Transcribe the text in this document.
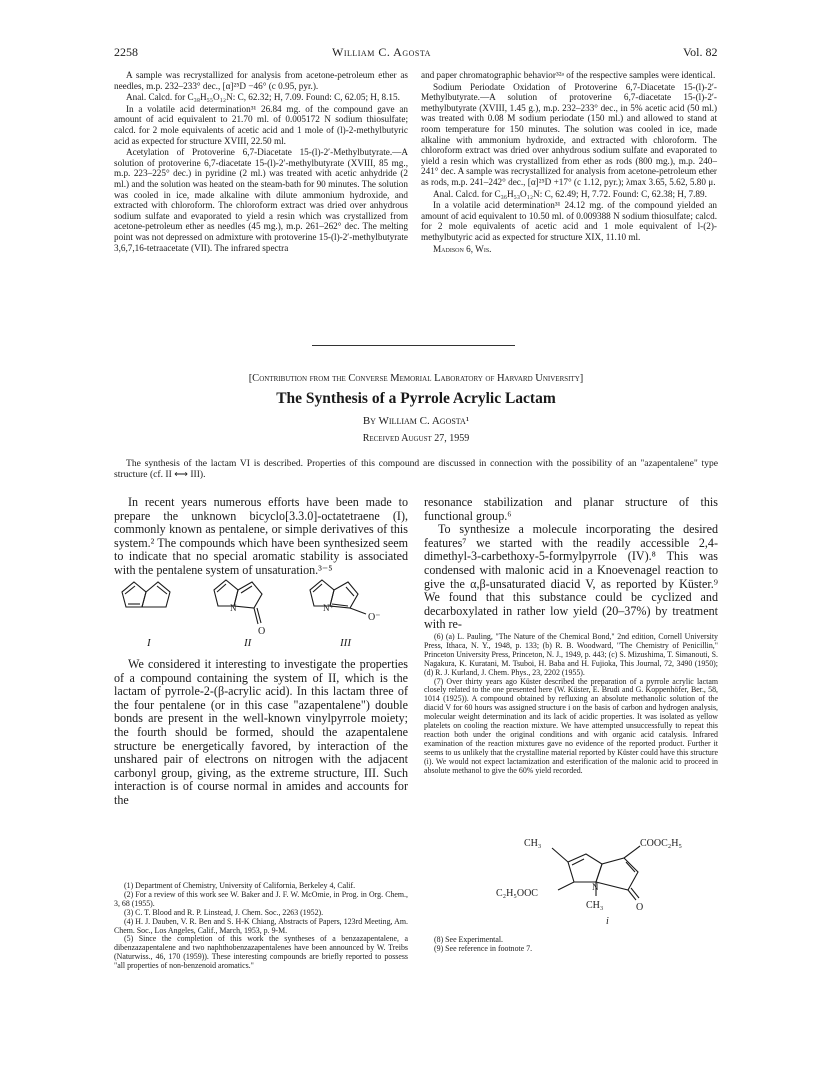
2258	William C. Agosta	Vol. 82

A sample was recrystallized for analysis from acetone-petroleum ether as needles, m.p. 232–233° dec., [α]²⁵D −46° (c 0.95, pyr.).

Anal. Calcd. for C₃₈H₅₅O₁₂N: C, 62.32; H, 7.09. Found: C, 62.05; H, 8.15.

In a volatile acid determination³¹ 26.84 mg. of the compound gave an amount of acid equivalent to 21.70 ml. of 0.005172 N sodium thiosulfate; calcd. for 2 mole equivalents of acetic acid and 1 mole of (l)-2-methylbutyric acid as expected for structure XVIII, 22.50 ml.

Acetylation of Protoverine 6,7-Diacetate 15-(l)-2′-Methylbutyrate.—A solution of protoverine 6,7-diacetate 15-(l)-2′-methylbutyrate (XVIII, 85 mg., m.p. 223–225° dec.) in pyridine (2 ml.) was treated with acetic anhydride (2 ml.) and the solution was heated on the steam-bath for 90 minutes. The solution was cooled in ice, made alkaline with dilute ammonium hydroxide, and extracted with chloroform. The chloroform extract was dried over anhydrous sodium sulfate and evaporated to yield a resin which was crystallized from acetone-petroleum ether as needles (45 mg.), m.p. 261–262° dec. The melting point was not depressed on admixture with protoverine 15-(l)-2′-methylbutyrate 3,6,7,16-tetraacetate (VII). The infrared spectra

and paper chromatographic behavior³²ᵃ of the respective samples were identical.

Sodium Periodate Oxidation of Protoverine 6,7-Diacetate 15-(l)-2′-Methylbutyrate.—A solution of protoverine 6,7-diacetate 15-(l)-2′-methylbutyrate (XVIII, 1.45 g.), m.p. 232–233° dec., in 5% acetic acid (50 ml.) was treated with 0.08 M sodium periodate (150 ml.) and allowed to stand at room temperature for 150 minutes. The solution was cooled in ice, made alkaline with ammonium hydroxide, and extracted with chloroform. The chloroform extract was dried over anhydrous sodium sulfate and evaporated to yield a resin which was crystallized from ether as rods (800 mg.), m.p. 240–241° dec. A sample was recrystallized for analysis from acetone-petroleum ether as rods, m.p. 241–242° dec., [α]²⁵D +17° (c 1.12, pyr.); λmax 3.65, 5.62, 5.80 μ.

Anal. Calcd. for C₃₆H₅₃O₁₂N: C, 62.49; H, 7.72. Found: C, 62.38; H, 7.89.

In a volatile acid determination³¹ 24.12 mg. of the compound yielded an amount of acid equivalent to 10.50 ml. of 0.009388 N sodium thiosulfate; calcd. for 2 mole equivalents of acetic acid and 1 mole equivalent of l-(2)-methylbutyric acid as expected for structure XIX, 11.10 ml.

Madison 6, Wis.

[Contribution from the Converse Memorial Laboratory of Harvard University]
The Synthesis of a Pyrrole Acrylic Lactam
By William C. Agosta¹
Received August 27, 1959
The synthesis of the lactam VI is described. Properties of this compound are discussed in connection with the possibility of an "azapentalene" type structure (cf. II ⟷ III).

In recent years numerous efforts have been made to prepare the unknown bicyclo[3.3.0]-octatetraene (I), commonly known as pentalene, or simple derivatives of this system.² The compounds which have been synthesized seem to indicate that no special aromatic stability is associated with the pentalene system of unsaturation.³⁻⁵

N
O
N⁺
O⁻
I	II	III

We considered it interesting to investigate the properties of a compound containing the system of II, which is the lactam of pyrrole-2-(β-acrylic acid). In this lactam three of the four pentalene (or in this case "azapentalene") double bonds are present in the well-known vinylpyrrole moiety; the fourth should be formed, should the azapentalene structure be energetically favored, by interaction of the unshared pair of electrons on nitrogen with the adjacent carbonyl group, giving, as the extreme structure, III. Such interaction is of course normal in amides and accounts for the

(1) Department of Chemistry, University of California, Berkeley 4, Calif.

(2) For a review of this work see W. Baker and J. F. W. McOmie, in Prog. in Org. Chem., 3, 68 (1955).

(3) C. T. Blood and R. P. Linstead, J. Chem. Soc., 2263 (1952).

(4) H. J. Dauben, V. R. Ben and S. H-K Chiang, Abstracts of Papers, 123rd Meeting, Am. Chem. Soc., Los Angeles, Calif., March, 1953, p. 9-M.

(5) Since the completion of this work the syntheses of a benzazapentalene, a dibenzazapentalene and two naphthobenzazapentalenes have been announced by W. Treibs (Naturwiss., 46, 170 (1959)). These interesting compounds are briefly reported to possess "all properties of non-benzenoid aromatics."

resonance stabilization and planar structure of this functional group.⁶

To synthesize a molecule incorporating the desired features⁷ we started with the readily accessible 2,4-dimethyl-3-carbethoxy-5-formylpyrrole (IV).⁸ This was condensed with malonic acid in a Knoevenagel reaction to give the α,β-unsaturated diacid V, as reported by Küster.⁹ We found that this substance could be cyclized and decarboxylated in rather low yield (20–37%) by treatment with re-

(6) (a) L. Pauling, "The Nature of the Chemical Bond," 2nd edition, Cornell University Press, Ithaca, N. Y., 1948, p. 133; (b) R. B. Woodward, "The Chemistry of Penicillin," Princeton University Press, Princeton, N. J., 1949, p. 443; (c) S. Mizushima, T. Simanouti, S. Nagakura, K. Kuratani, M. Tsuboi, H. Baba and H. Fujioka, This Journal, 72, 3490 (1950); (d) R. J. Kurland, J. Chem. Phys., 23, 2202 (1955).

(7) Over thirty years ago Küster described the preparation of a pyrrole acrylic lactam closely related to the one presented here (W. Küster, E. Brudi and G. Koppenhöfer, Ber., 58, 1014 (1925)). A compound obtained by refluxing an absolute methanolic solution of the diacid V for 60 hours was assigned structure i on the basis of carbon and hydrogen analysis, molecular weight determination and its lack of acidic properties. It was isolated as yellow platelets on cooling the reaction mixture. We have attempted unsuccessfully to repeat this reaction both under the original conditions and with organic acid catalysis. Infrared examination of the reaction mixtures gave no evidence of the reported product. Further it seems to us unlikely that the crystalline material reported by Küster could have this structure (i). We would not expect lactamization and esterification of the malonic acid to proceed in absolute methanol to give the 60% yield recorded.

CH₃	COOC₂H₅
C₂H₅OOC
N
O
CH₃
i

(8) See Experimental.

(9) See reference in footnote 7.
